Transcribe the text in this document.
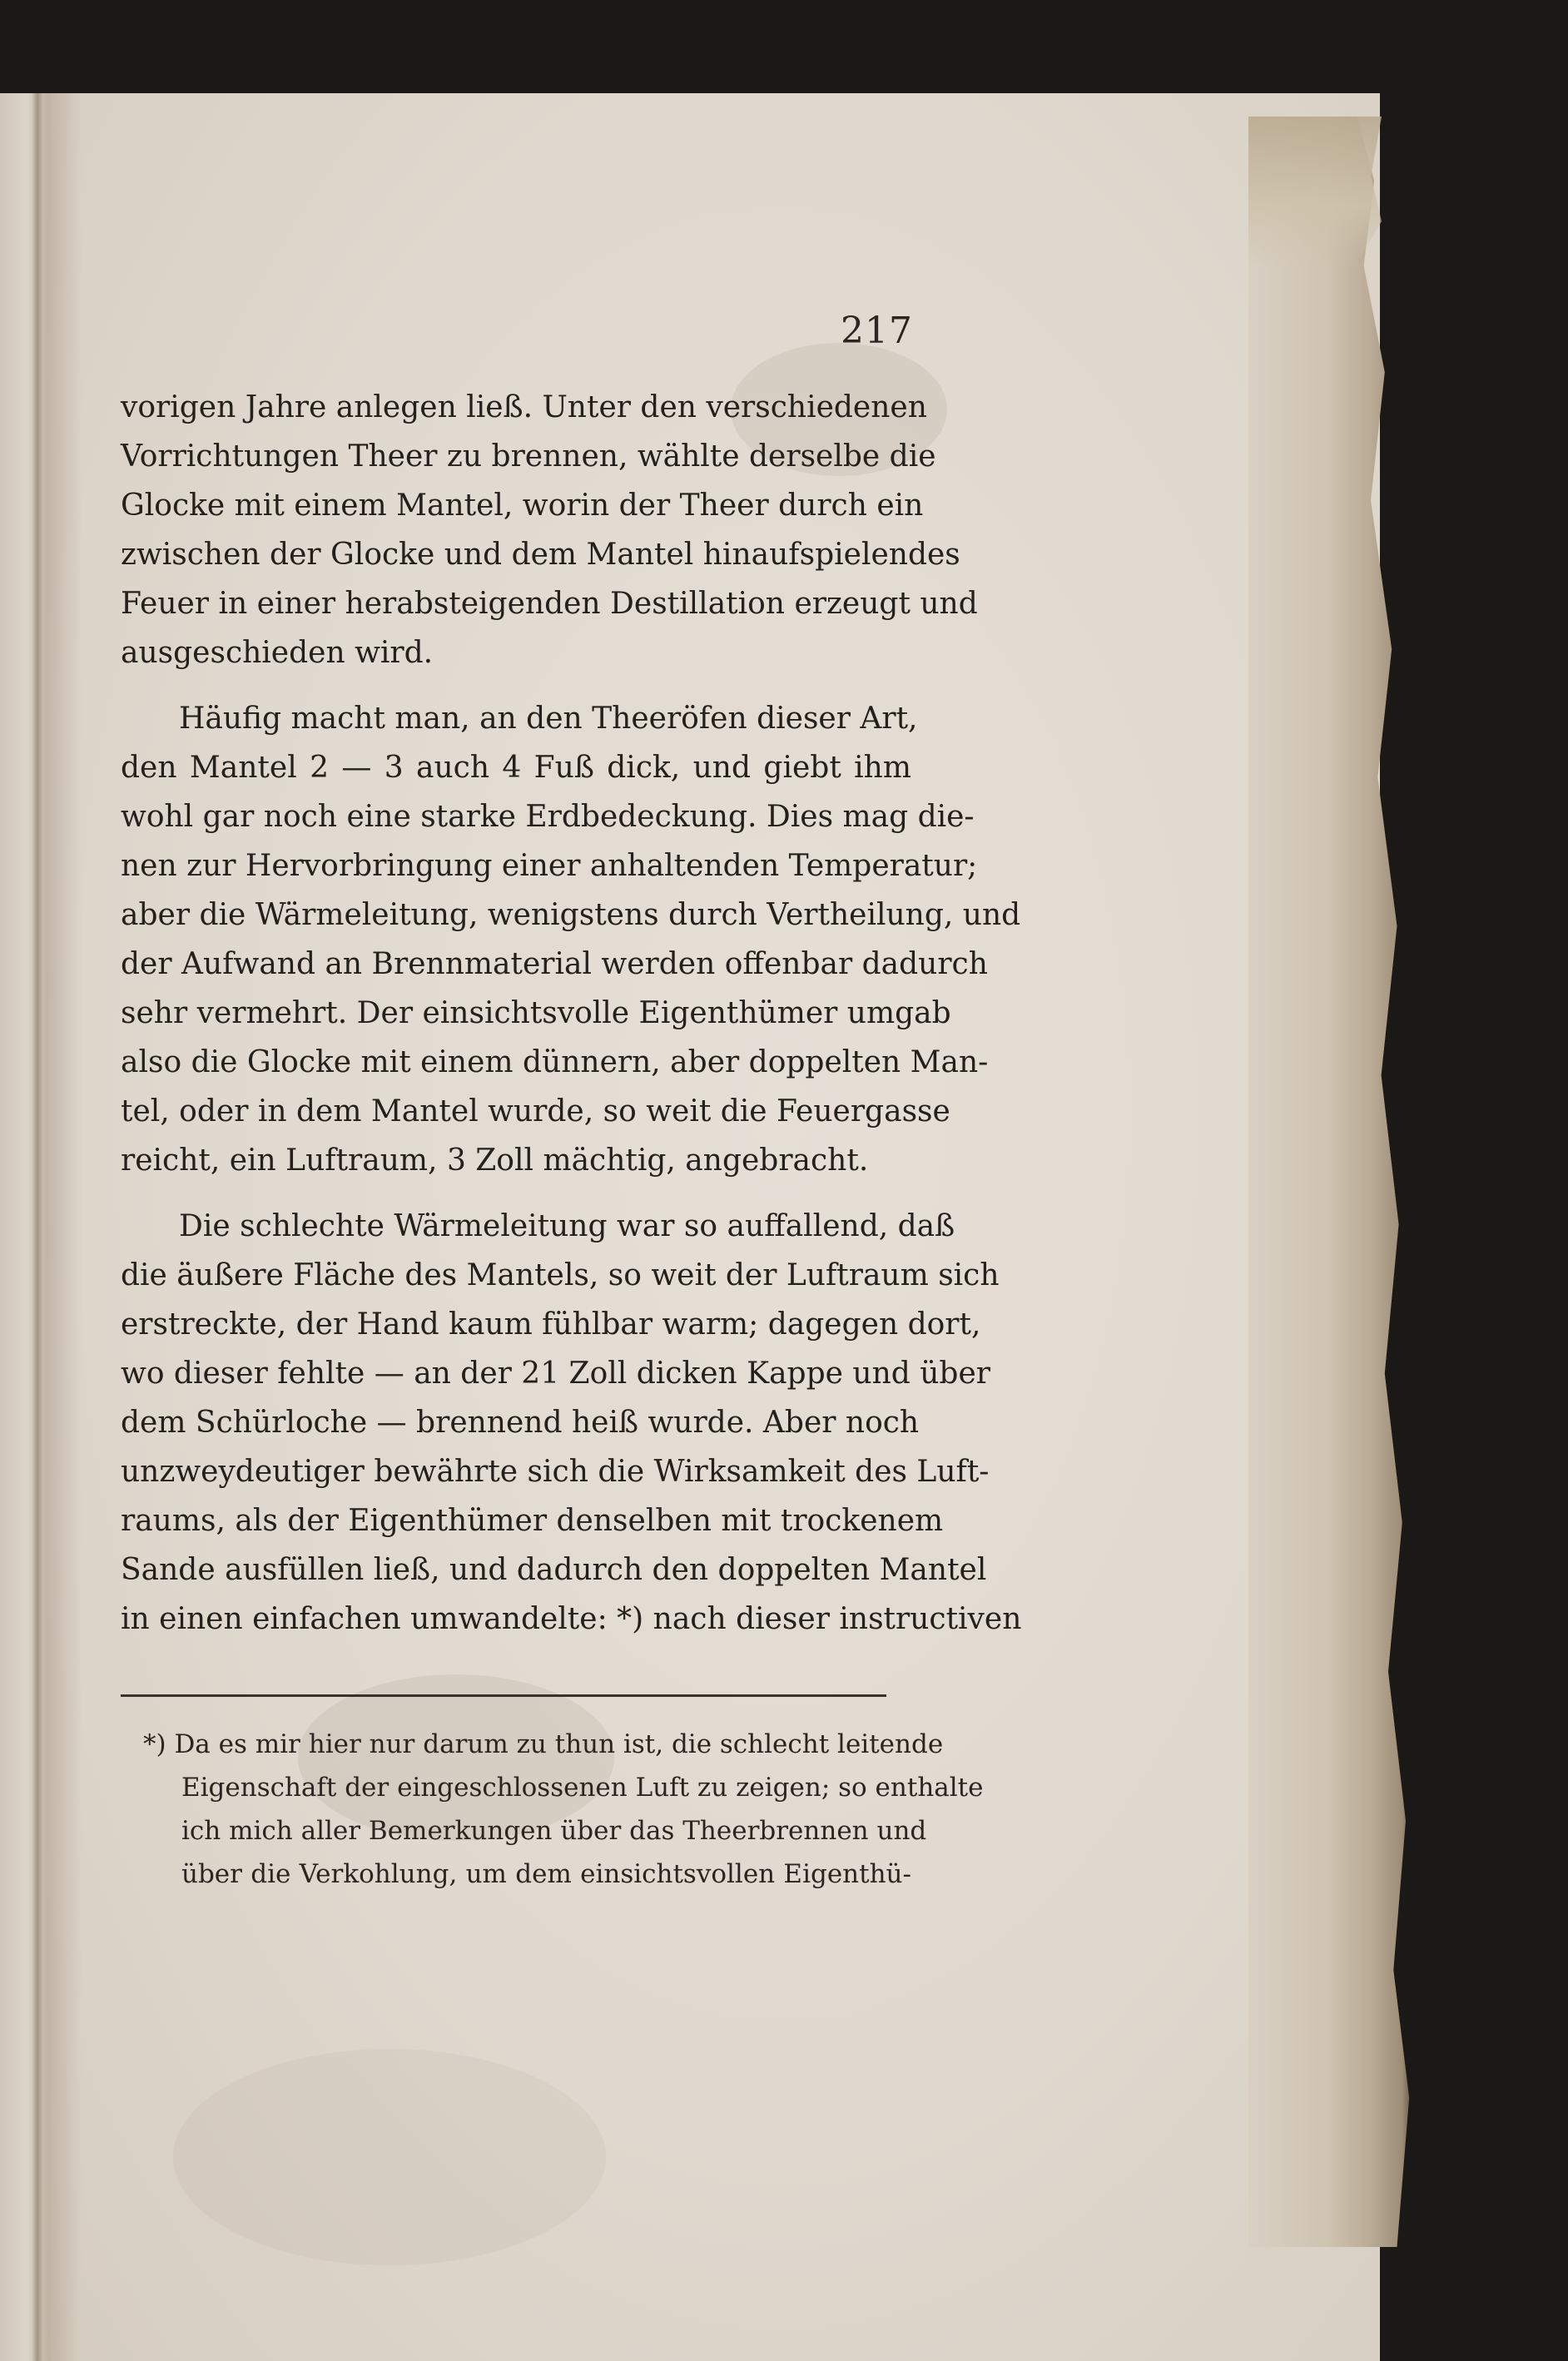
217
vorigen Jahre anlegen ließ. Unter den verschiedenen
Vorrichtungen Theer zu brennen, wählte derselbe die
Glocke mit einem Mantel, worin der Theer durch ein
zwischen der Glocke und dem Mantel hinaufspielendes
Feuer in einer herabsteigenden Destillation erzeugt und
ausgeschieden wird.
Häufig macht man, an den Theeröfen dieser Art,
den Mantel 2 — 3 auch 4 Fuß dick, und giebt ihm
wohl gar noch eine starke Erdbedeckung. Dies mag die-
nen zur Hervorbringung einer anhaltenden Temperatur;
aber die Wärmeleitung, wenigstens durch Vertheilung, und
der Aufwand an Brennmaterial werden offenbar dadurch
sehr vermehrt. Der einsichtsvolle Eigenthümer umgab
also die Glocke mit einem dünnern, aber doppelten Man-
tel, oder in dem Mantel wurde, so weit die Feuergasse
reicht, ein Luftraum, 3 Zoll mächtig, angebracht.
Die schlechte Wärmeleitung war so auffallend, daß
die äußere Fläche des Mantels, so weit der Luftraum sich
erstreckte, der Hand kaum fühlbar warm; dagegen dort,
wo dieser fehlte — an der 21 Zoll dicken Kappe und über
dem Schürloche — brennend heiß wurde. Aber noch
unzweydeutiger bewährte sich die Wirksamkeit des Luft-
raums, als der Eigenthümer denselben mit trockenem
Sande ausfüllen ließ, und dadurch den doppelten Mantel
in einen einfachen umwandelte: *) nach dieser instructiven
*) Da es mir hier nur darum zu thun ist, die schlecht leitende
Eigenschaft der eingeschlossenen Luft zu zeigen; so enthalte
ich mich aller Bemerkungen über das Theerbrennen und
über die Verkohlung, um dem einsichtsvollen Eigenthü-
